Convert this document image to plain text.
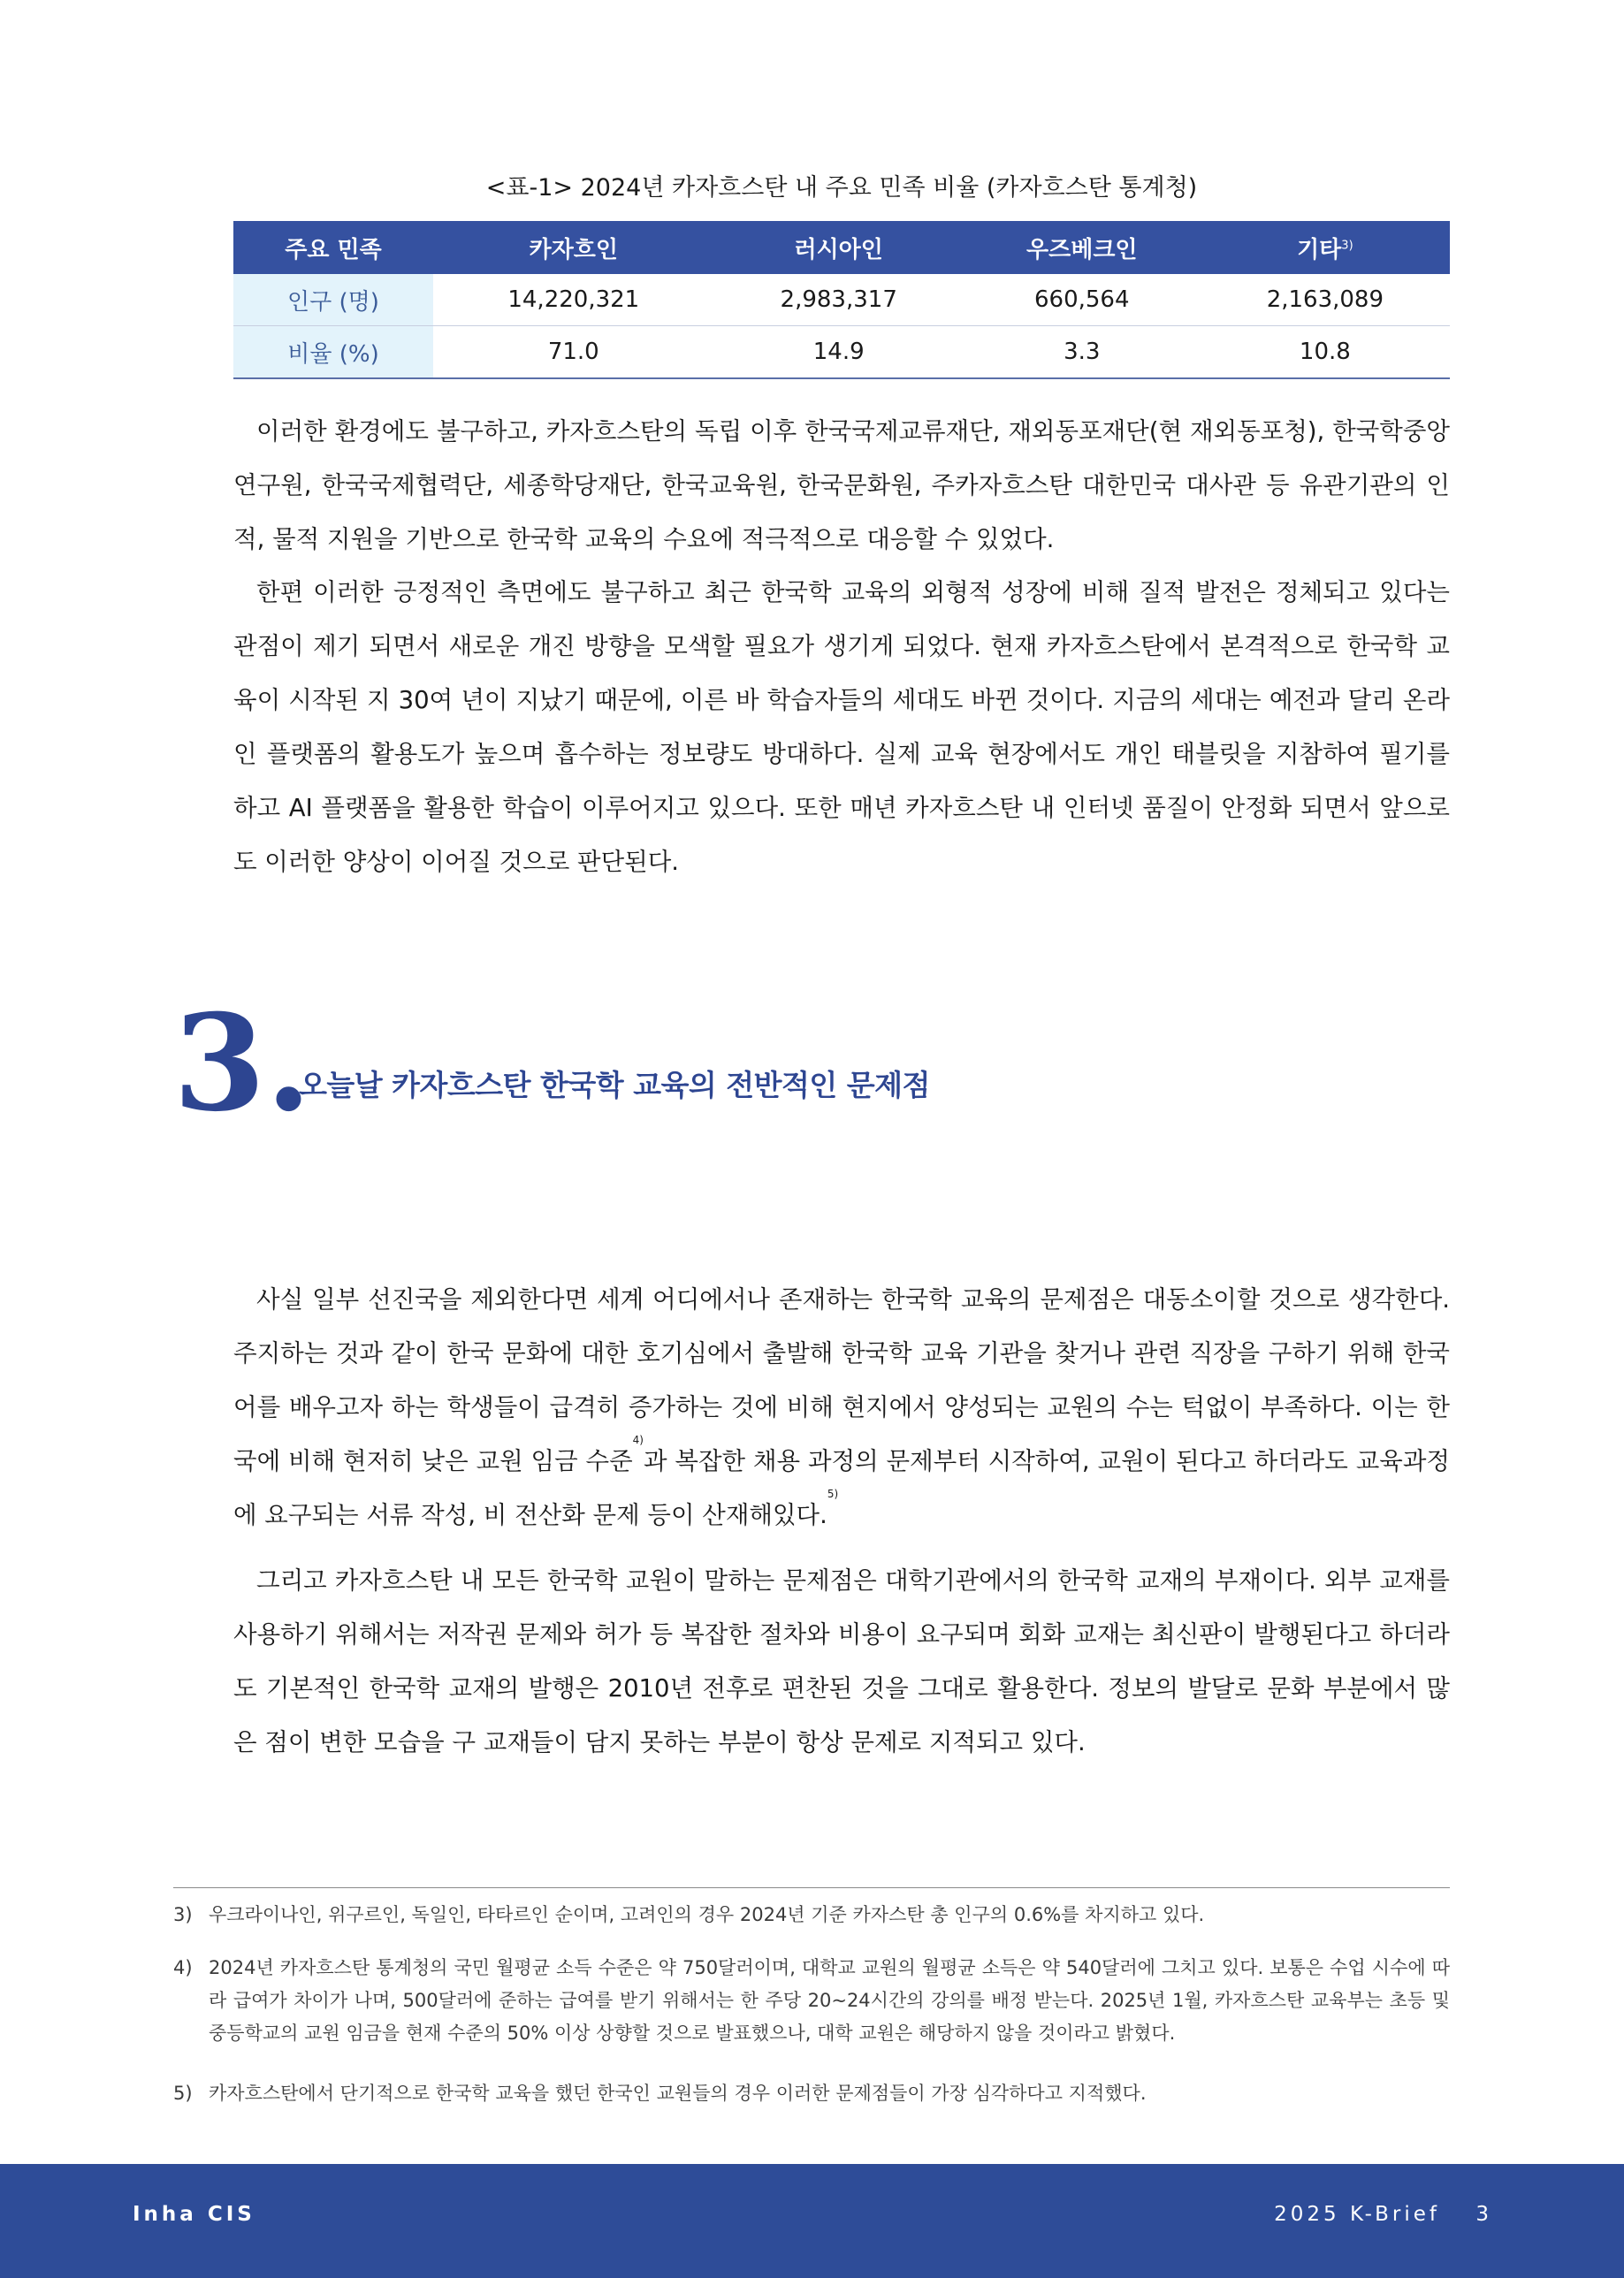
<표-1> 2024년 카자흐스탄 내 주요 민족 비율 (카자흐스탄 통계청)
주요 민족	카자흐인	러시아인	우즈베크인	기타$^{3)}$
인구 (명)	14,220,321	2,983,317	660,564	2,163,089
비율 (%)	71.0	14.9	3.3	10.8

이러한 환경에도 불구하고, 카자흐스탄의 독립 이후 한국국제교류재단, 재외동포재단(현 재외동포청), 한국학중앙연구원, 한국국제협력단, 세종학당재단, 한국교육원, 한국문화원, 주카자흐스탄 대한민국 대사관 등 유관기관의 인적, 물적 지원을 기반으로 한국학 교육의 수요에 적극적으로 대응할 수 있었다.

한편 이러한 긍정적인 측면에도 불구하고 최근 한국학 교육의 외형적 성장에 비해 질적 발전은 정체되고 있다는 관점이 제기 되면서 새로운 개진 방향을 모색할 필요가 생기게 되었다. 현재 카자흐스탄에서 본격적으로 한국학 교육이 시작된 지 30여 년이 지났기 때문에, 이른 바 학습자들의 세대도 바뀐 것이다. 지금의 세대는 예전과 달리 온라인 플랫폼의 활용도가 높으며 흡수하는 정보량도 방대하다. 실제 교육 현장에서도 개인 태블릿을 지참하여 필기를 하고 AI 플랫폼을 활용한 학습이 이루어지고 있으다. 또한 매년 카자흐스탄 내 인터넷 품질이 안정화 되면서 앞으로도 이러한 양상이 이어질 것으로 판단된다.

3.
오늘날 카자흐스탄 한국학 교육의 전반적인 문제점

사실 일부 선진국을 제외한다면 세계 어디에서나 존재하는 한국학 교육의 문제점은 대동소이할 것으로 생각한다. 주지하는 것과 같이 한국 문화에 대한 호기심에서 출발해 한국학 교육 기관을 찾거나 관련 직장을 구하기 위해 한국어를 배우고자 하는 학생들이 급격히 증가하는 것에 비해 현지에서 양성되는 교원의 수는 턱없이 부족하다. 이는 한국에 비해 현저히 낮은 교원 임금 수준$^{4)}$과 복잡한 채용 과정의 문제부터 시작하여, 교원이 된다고 하더라도 교육과정에 요구되는 서류 작성, 비 전산화 문제 등이 산재해있다.$^{5)}$

그리고 카자흐스탄 내 모든 한국학 교원이 말하는 문제점은 대학기관에서의 한국학 교재의 부재이다. 외부 교재를 사용하기 위해서는 저작권 문제와 허가 등 복잡한 절차와 비용이 요구되며 회화 교재는 최신판이 발행된다고 하더라도 기본적인 한국학 교재의 발행은 2010년 전후로 편찬된 것을 그대로 활용한다. 정보의 발달로 문화 부분에서 많은 점이 변한 모습을 구 교재들이 담지 못하는 부분이 항상 문제로 지적되고 있다.

3) 우크라이나인, 위구르인, 독일인, 타타르인 순이며, 고려인의 경우 2024년 기준 카자스탄 총 인구의 0.6%를 차지하고 있다.
4) 2024년 카자흐스탄 통계청의 국민 월평균 소득 수준은 약 750달러이며, 대학교 교원의 월평균 소득은 약 540달러에 그치고 있다. 보통은 수업 시수에 따라 급여가 차이가 나며, 500달러에 준하는 급여를 받기 위해서는 한 주당 20~24시간의 강의를 배정 받는다. 2025년 1월, 카자흐스탄 교육부는 초등 및 중등학교의 교원 임금을 현재 수준의 50% 이상 상향할 것으로 발표했으나, 대학 교원은 해당하지 않을 것이라고 밝혔다.
5) 카자흐스탄에서 단기적으로 한국학 교육을 했던 한국인 교원들의 경우 이러한 문제점들이 가장 심각하다고 지적했다.
Inha CIS	2025 K-Brief 3
